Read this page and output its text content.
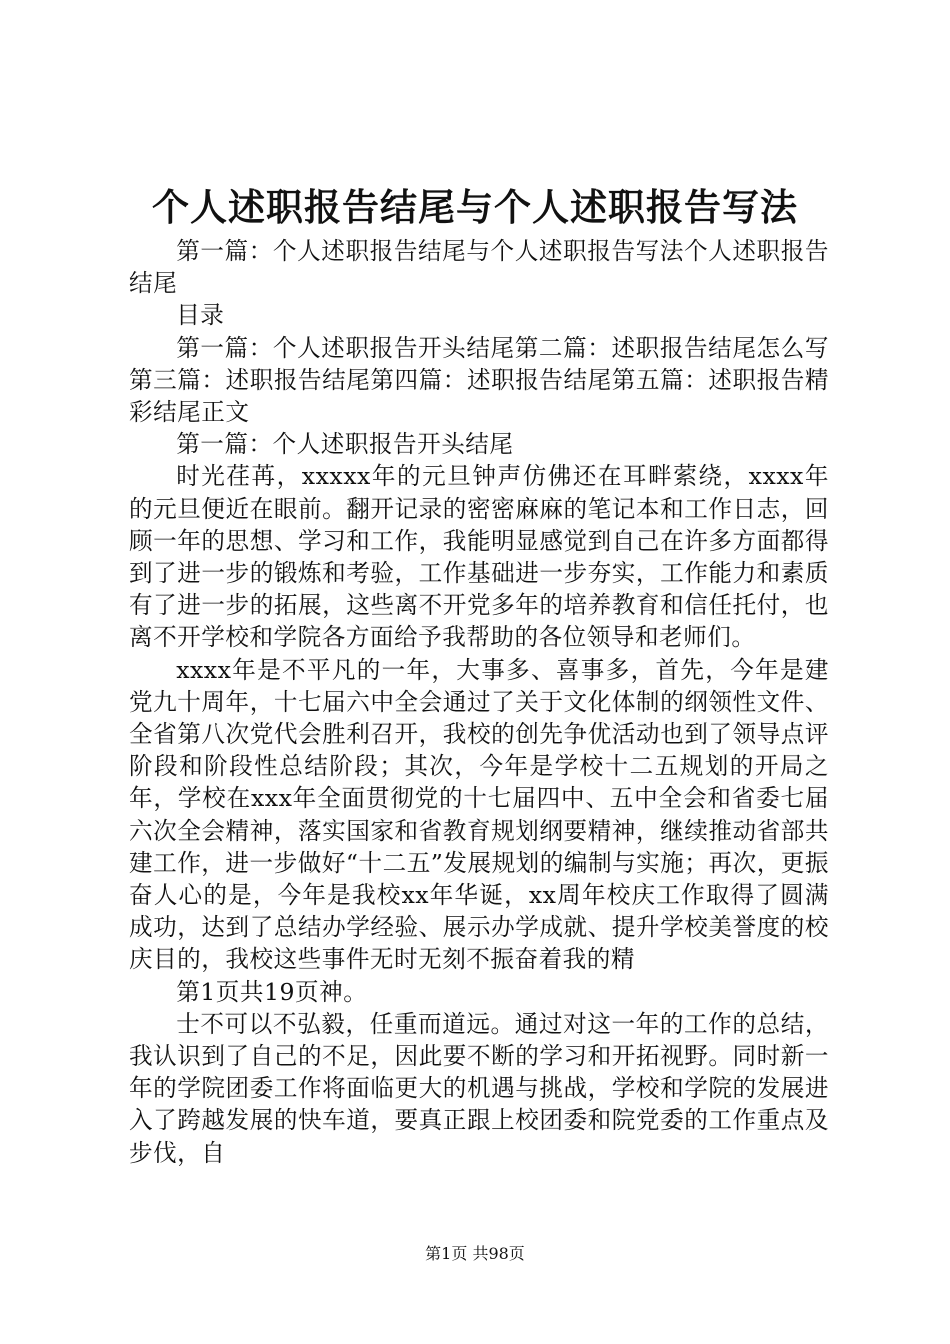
个人述职报告结尾与个人述职报告写法

第一篇：个人述职报告结尾与个人述职报告写法个人述职报告结尾

目录

第一篇：个人述职报告开头结尾第二篇：述职报告结尾怎么写第三篇：述职报告结尾第四篇：述职报告结尾第五篇：述职报告精彩结尾正文

第一篇：个人述职报告开头结尾

时光荏苒，xxxxx年的元旦钟声仿佛还在耳畔萦绕，xxxx年的元旦便近在眼前。翻开记录的密密麻麻的笔记本和工作日志，回顾一年的思想、学习和工作，我能明显感觉到自己在许多方面都得到了进一步的锻炼和考验，工作基础进一步夯实，工作能力和素质有了进一步的拓展，这些离不开党多年的培养教育和信任托付，也离不开学校和学院各方面给予我帮助的各位领导和老师们。

xxxx年是不平凡的一年，大事多、喜事多，首先，今年是建党九十周年，十七届六中全会通过了关于文化体制的纲领性文件、全省第八次党代会胜利召开，我校的创先争优活动也到了领导点评阶段和阶段性总结阶段；其次，今年是学校十二五规划的开局之年，学校在xxx年全面贯彻党的十七届四中、五中全会和省委七届六次全会精神，落实国家和省教育规划纲要精神，继续推动省部共建工作，进一步做好“十二五”发展规划的编制与实施；再次，更振奋人心的是，今年是我校xx年华诞，xx周年校庆工作取得了圆满成功，达到了总结办学经验、展示办学成就、提升学校美誉度的校庆目的，我校这些事件无时无刻不振奋着我的精

第1页共19页神。

士不可以不弘毅，任重而道远。通过对这一年的工作的总结，我认识到了自己的不足，因此要不断的学习和开拓视野。同时新一年的学院团委工作将面临更大的机遇与挑战，学校和学院的发展进入了跨越发展的快车道，要真正跟上校团委和院党委的工作重点及步伐，自

第1页 共98页
